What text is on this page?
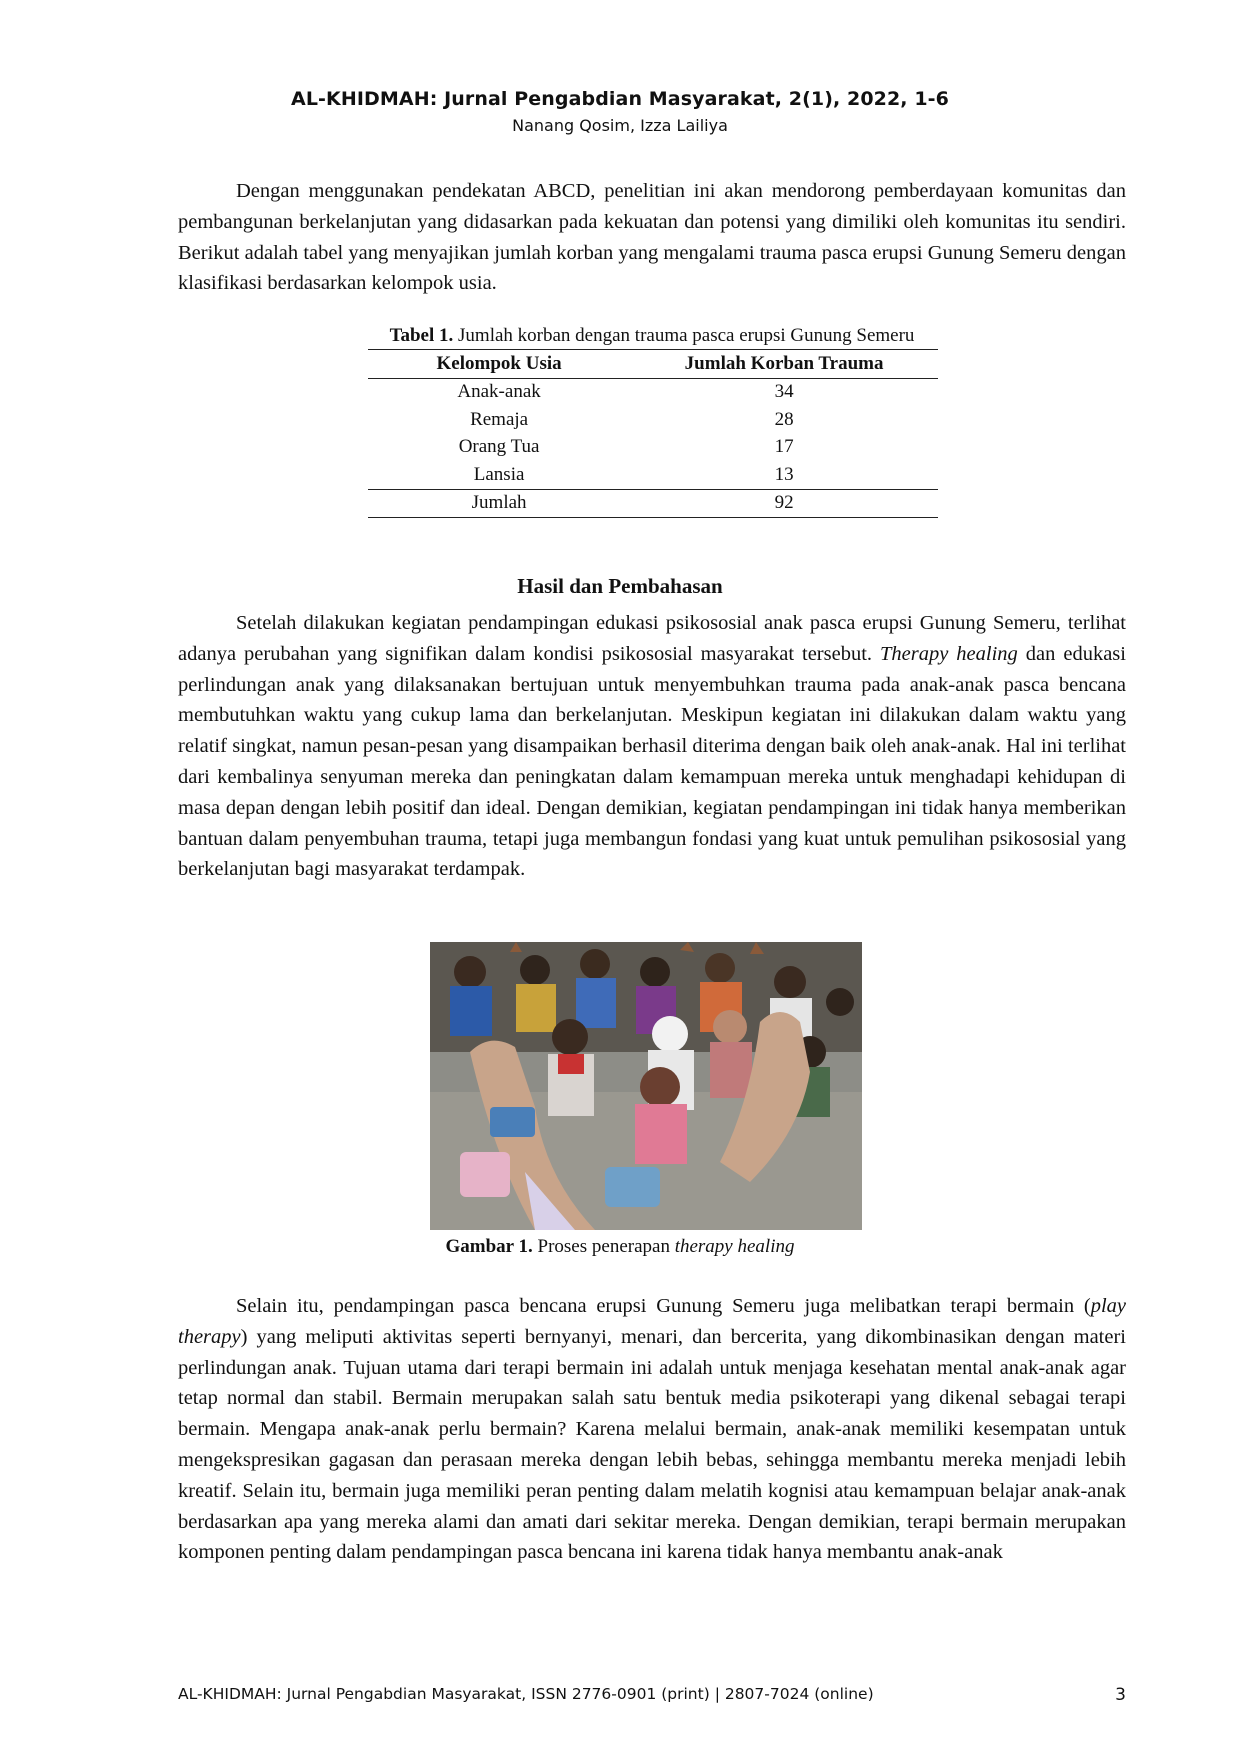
AL-KHIDMAH: Jurnal Pengabdian Masyarakat, 2(1), 2022, 1-6
Nanang Qosim, Izza Lailiya

Dengan menggunakan pendekatan ABCD, penelitian ini akan mendorong pemberdayaan komunitas dan pembangunan berkelanjutan yang didasarkan pada kekuatan dan potensi yang dimiliki oleh komunitas itu sendiri. Berikut adalah tabel yang menyajikan jumlah korban yang mengalami trauma pasca erupsi Gunung Semeru dengan klasifikasi berdasarkan kelompok usia.

Tabel 1. Jumlah korban dengan trauma pasca erupsi Gunung Semeru
Kelompok Usia	Jumlah Korban Trauma
Anak-anak	34
Remaja	28
Orang Tua	17
Lansia	13
Jumlah	92
Hasil dan Pembahasan

Setelah dilakukan kegiatan pendampingan edukasi psikososial anak pasca erupsi Gunung Semeru, terlihat adanya perubahan yang signifikan dalam kondisi psikososial masyarakat tersebut. Therapy healing dan edukasi perlindungan anak yang dilaksanakan bertujuan untuk menyembuhkan trauma pada anak-anak pasca bencana membutuhkan waktu yang cukup lama dan berkelanjutan. Meskipun kegiatan ini dilakukan dalam waktu yang relatif singkat, namun pesan-pesan yang disampaikan berhasil diterima dengan baik oleh anak-anak. Hal ini terlihat dari kembalinya senyuman mereka dan peningkatan dalam kemampuan mereka untuk menghadapi kehidupan di masa depan dengan lebih positif dan ideal. Dengan demikian, kegiatan pendampingan ini tidak hanya memberikan bantuan dalam penyembuhan trauma, tetapi juga membangun fondasi yang kuat untuk pemulihan psikososial yang berkelanjutan bagi masyarakat terdampak.

Gambar 1. Proses penerapan therapy healing

Selain itu, pendampingan pasca bencana erupsi Gunung Semeru juga melibatkan terapi bermain (play therapy) yang meliputi aktivitas seperti bernyanyi, menari, dan bercerita, yang dikombinasikan dengan materi perlindungan anak. Tujuan utama dari terapi bermain ini adalah untuk menjaga kesehatan mental anak-anak agar tetap normal dan stabil. Bermain merupakan salah satu bentuk media psikoterapi yang dikenal sebagai terapi bermain. Mengapa anak-anak perlu bermain? Karena melalui bermain, anak-anak memiliki kesempatan untuk mengekspresikan gagasan dan perasaan mereka dengan lebih bebas, sehingga membantu mereka menjadi lebih kreatif. Selain itu, bermain juga memiliki peran penting dalam melatih kognisi atau kemampuan belajar anak-anak berdasarkan apa yang mereka alami dan amati dari sekitar mereka. Dengan demikian, terapi bermain merupakan komponen penting dalam pendampingan pasca bencana ini karena tidak hanya membantu anak-anak

AL-KHIDMAH: Jurnal Pengabdian Masyarakat, ISSN 2776-0901 (print) | 2807-7024 (online)	3
